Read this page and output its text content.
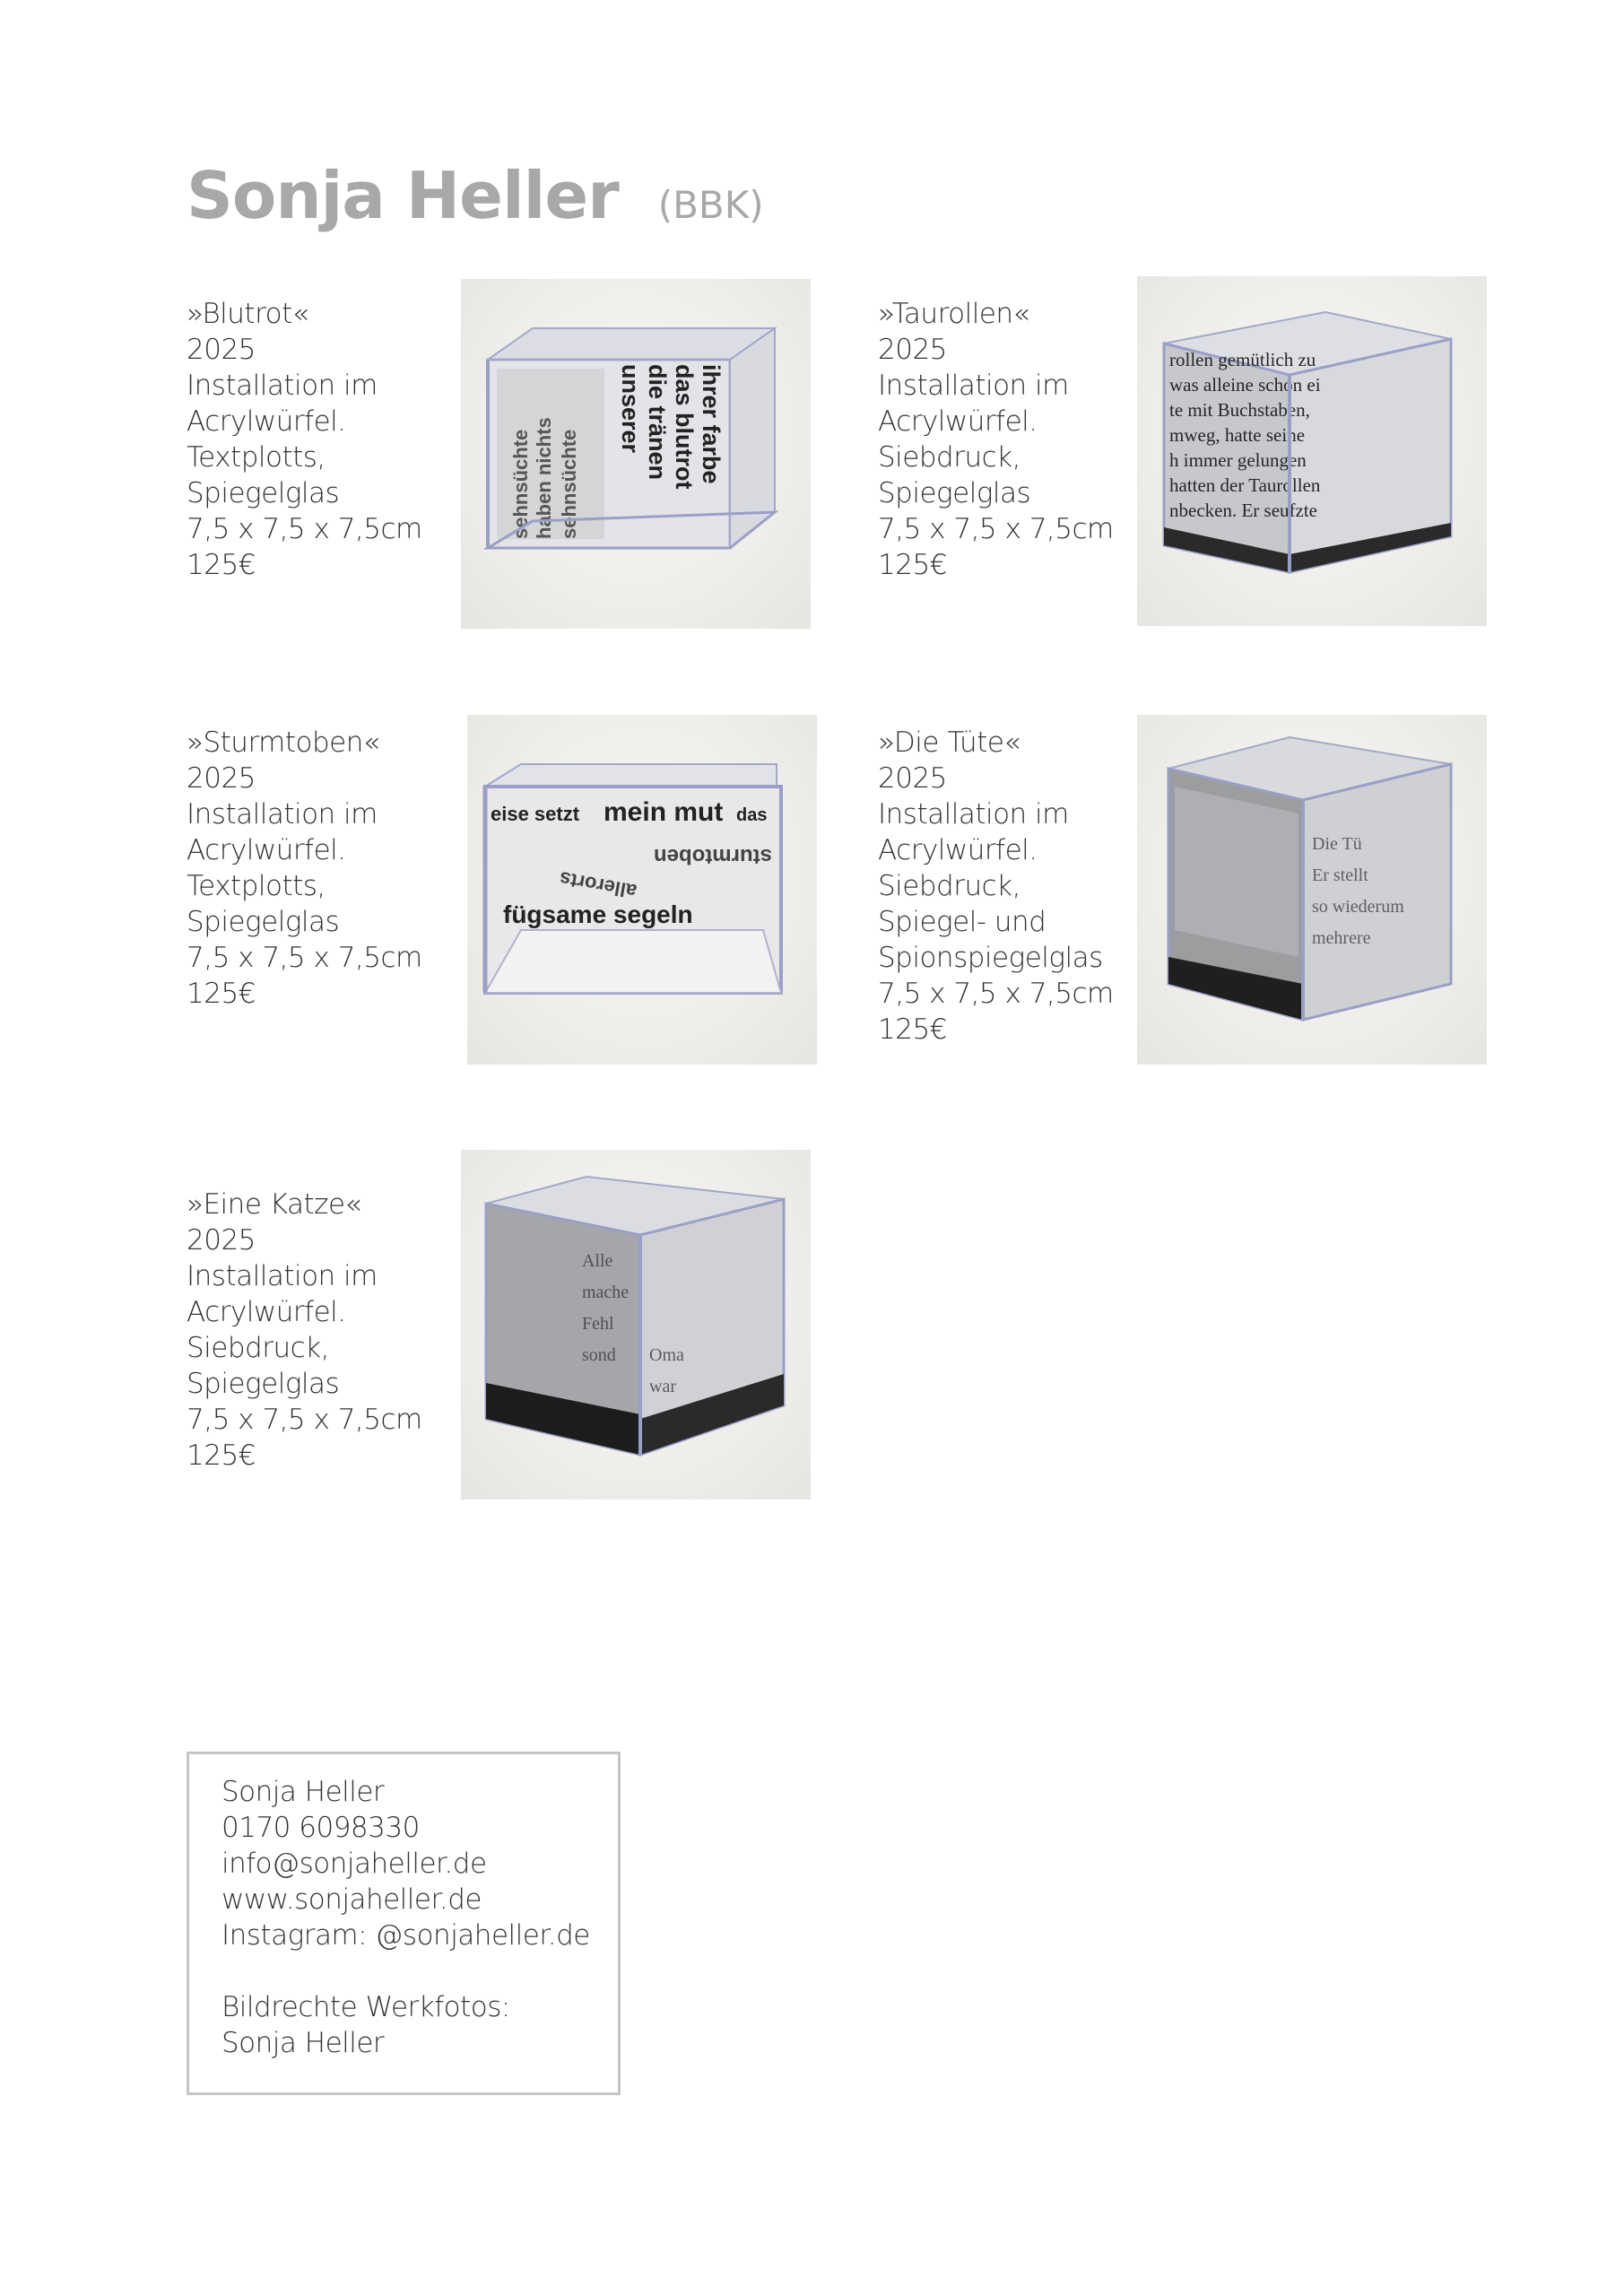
Sonja Heller (BBK)
»Blutrot«
2025
Installation im
Acrylwürfel.
Textplotts,
Spiegelglas
7,5 x 7,5 x 7,5cm
125€
ihrer farbe
das blutrot
die tränen
unserer
sehnsüchte
haben nichts
sehnsüchte
»Taurollen«
2025
Installation im
Acrylwürfel.
Siebdruck,
Spiegelglas
7,5 x 7,5 x 7,5cm
125€
rollen gemütlich zu
was alleine schon ei
te mit Buchstaben,
mweg, hatte seine
h immer gelungen
hatten der Taurollen
nbecken. Er seufzte
»Sturmtoben«
2025
Installation im
Acrylwürfel.
Textplotts,
Spiegelglas
7,5 x 7,5 x 7,5cm
125€
eise setzt mein mut das
sturmtoben
allerorts
fügsame segeln
»Die Tüte«
2025
Installation im
Acrylwürfel.
Siebdruck,
Spiegel- und
Spionspiegelglas
7,5 x 7,5 x 7,5cm
125€
Die Tü
Er stellt
so wiederum
mehrere
»Eine Katze«
2025
Installation im
Acrylwürfel.
Siebdruck,
Spiegelglas
7,5 x 7,5 x 7,5cm
125€
Alle
mache
Fehl
sond Oma
war
Sonja Heller
0170 6098330
info@sonjaheller.de
www.sonjaheller.de
Instagram: @sonjaheller.de
Bildrechte Werkfotos:
Sonja Heller
